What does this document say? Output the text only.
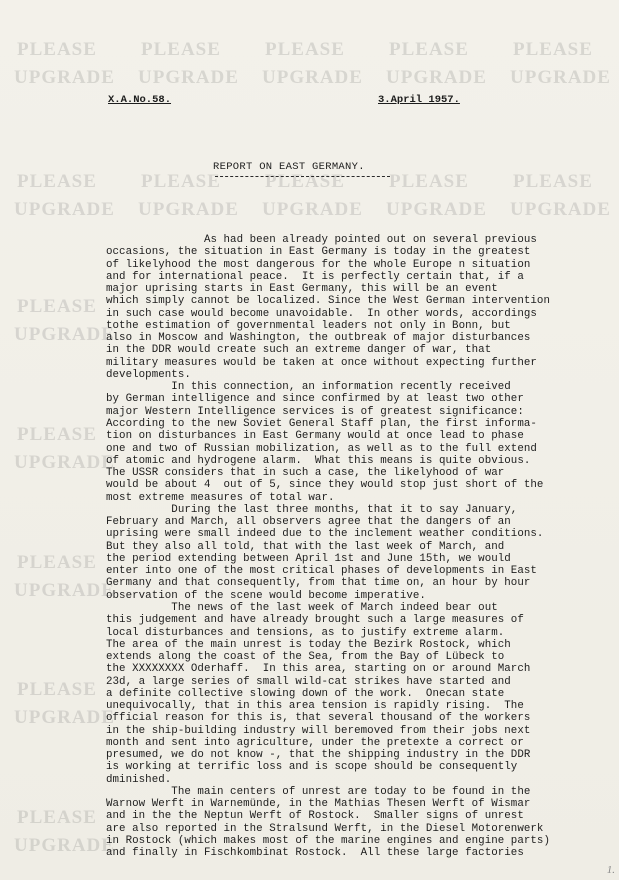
PLEASE PLEASE PLEASE PLEASE PLEASE
UPGRADE UPGRADE UPGRADE UPGRADE UPGRADE
PLEASE PLEASE PLEASE PLEASE PLEASE
UPGRADE UPGRADE UPGRADE UPGRADE UPGRADE
PLEASE
UPGRADE
PLEASE
UPGRADE
PLEASE
UPGRADE
PLEASE
UPGRADE
PLEASE
UPGRADE
X.A.No.58.	3.April 1957.
REPORT ON EAST GERMANY.
As had been already pointed out on several previous
occasions, the situation in East Germany is today in the greatest
of likelyhood the most dangerous for the whole Europe n situation
and for international peace.  It is perfectly certain that, if a
major uprising starts in East Germany, this will be an event
which simply cannot be localized. Since the West German intervention
in such case would become unavoidable.  In other words, accordings
tothe estimation of governmental leaders not only in Bonn, but
also in Moscow and Washington, the outbreak of major disturbances
in the DDR would create such an extreme danger of war, that
military measures would be taken at once without expecting further
developments.
In this connection, an information recently received
by German intelligence and since confirmed by at least two other
major Western Intelligence services is of greatest significance:
According to the new Soviet General Staff plan, the first informa-
tion on disturbances in East Germany would at once lead to phase
one and two of Russian mobilization, as well as to the full extend
of atomic and hydrogene alarm.  What this means is quite obvious.
The USSR considers that in such a case, the likelyhood of war
would be about 4  out of 5, since they would stop just short of the
most extreme measures of total war.
During the last three months, that it to say January,
February and March, all observers agree that the dangers of an
uprising were small indeed due to the inclement weather conditions.
But they also all told, that with the last week of March, and
the period extending between April 1st and June 15th, we would
enter into one of the most critical phases of developments in East
Germany and that consequently, from that time on, an hour by hour
observation of the scene would become imperative.
The news of the last week of March indeed bear out
this judgement and have already brought such a large measures of
local disturbances and tensions, as to justify extreme alarm.
The area of the main unrest is today the Bezirk Rostock, which
extends along the coast of the Sea, from the Bay of Lübeck to
the XXXXXXXX Oderhaff.  In this area, starting on or around March
23d, a large series of small wild-cat strikes have started and
a definite collective slowing down of the work.  Onecan state
unequivocally, that in this area tension is rapidly rising.  The
official reason for this is, that several thousand of the workers
in the ship-building industry will beremoved from their jobs next
month and sent into agriculture, under the pretexte a correct or
presumed, we do not know -, that the shipping industry in the DDR
is working at terrific loss and is scope should be consequently
dminished.
The main centers of unrest are today to be found in the
Warnow Werft in Warnemünde, in the Mathias Thesen Werft of Wismar
and in the the Neptun Werft of Rostock.  Smaller signs of unrest
are also reported in the Stralsund Werft, in the Diesel Motorenwerk
in Rostock (which makes most of the marine engines and engine parts)
and finally in Fischkombinat Rostock.  All these large factories
1.
